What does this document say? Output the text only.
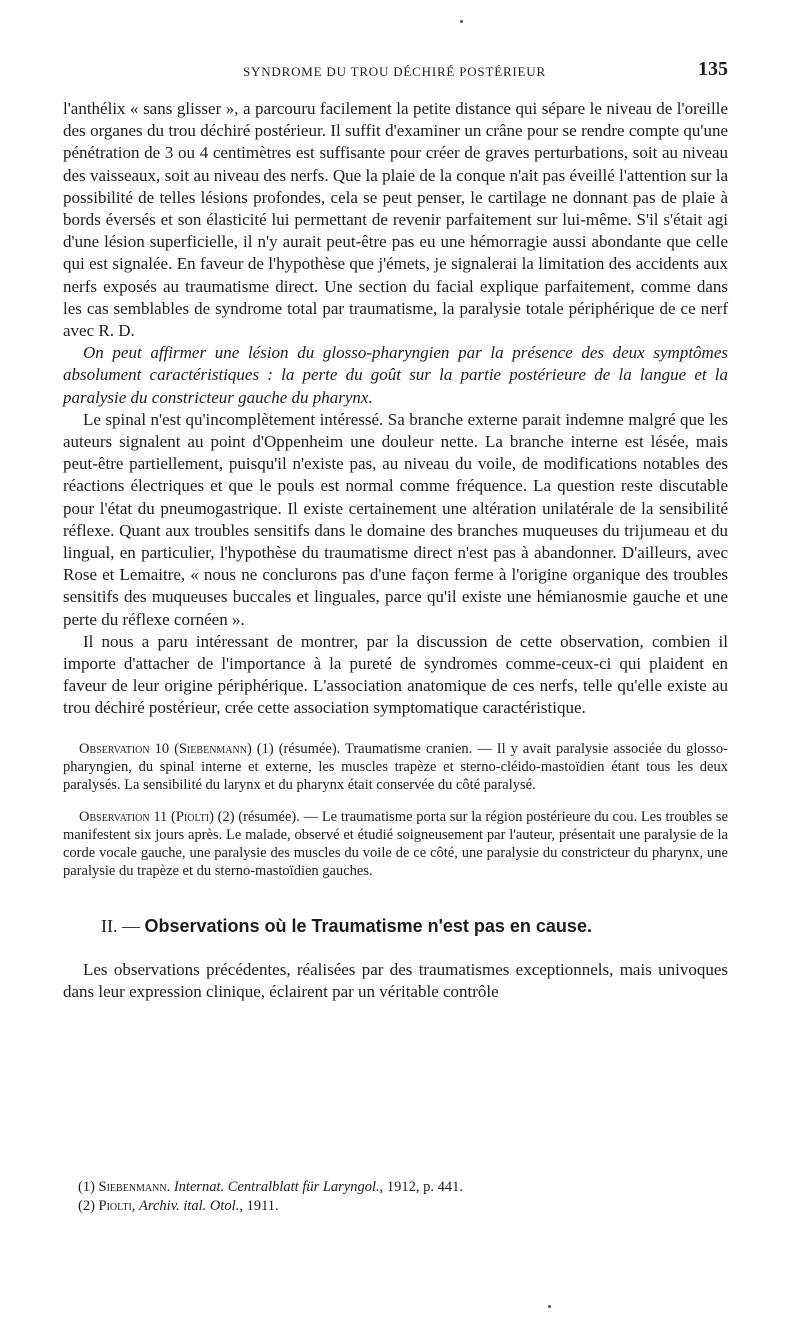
SYNDROME DU TROU DÉCHIRÉ POSTÉRIEUR	135

l'anthélix « sans glisser », a parcouru facilement la petite distance qui sépare le niveau de l'oreille des organes du trou déchiré postérieur. Il suffit d'examiner un crâne pour se rendre compte qu'une pénétration de 3 ou 4 centimètres est suffisante pour créer de graves perturbations, soit au niveau des vaisseaux, soit au niveau des nerfs. Que la plaie de la conque n'ait pas éveillé l'attention sur la possibilité de telles lésions profondes, cela se peut penser, le cartilage ne donnant pas de plaie à bords éversés et son élasticité lui permettant de revenir parfaitement sur lui-même. S'il s'était agi d'une lésion superficielle, il n'y aurait peut-être pas eu une hémorragie aussi abondante que celle qui est signalée. En faveur de l'hypothèse que j'émets, je signalerai la limitation des accidents aux nerfs exposés au traumatisme direct. Une section du facial explique parfaitement, comme dans les cas semblables de syndrome total par traumatisme, la paralysie totale périphérique de ce nerf avec R. D.

On peut affirmer une lésion du glosso-pharyngien par la présence des deux symptômes absolument caractéristiques : la perte du goût sur la partie postérieure de la langue et la paralysie du constricteur gauche du pharynx.

Le spinal n'est qu'incomplètement intéressé. Sa branche externe parait indemne malgré que les auteurs signalent au point d'Oppenheim une douleur nette. La branche interne est lésée, mais peut-être partiellement, puisqu'il n'existe pas, au niveau du voile, de modifications notables des réactions électriques et que le pouls est normal comme fréquence. La question reste discutable pour l'état du pneumogastrique. Il existe certainement une altération unilatérale de la sensibilité réflexe. Quant aux troubles sensitifs dans le domaine des branches muqueuses du trijumeau et du lingual, en particulier, l'hypothèse du traumatisme direct n'est pas à abandonner. D'ailleurs, avec Rose et Lemaitre, « nous ne conclurons pas d'une façon ferme à l'origine organique des troubles sensitifs des muqueuses buccales et linguales, parce qu'il existe une hémianosmie gauche et une perte du réflexe cornéen ».

Il nous a paru intéressant de montrer, par la discussion de cette observation, combien il importe d'attacher de l'importance à la pureté de syndromes comme-ceux-ci qui plaident en faveur de leur origine périphérique. L'association anatomique de ces nerfs, telle qu'elle existe au trou déchiré postérieur, crée cette association symptomatique caractéristique.

Observation 10 (Siebenmann) (1) (résumée). Traumatisme cranien. — Il y avait paralysie associée du glosso-pharyngien, du spinal interne et externe, les muscles trapèze et sterno-cléido-mastoïdien étant tous les deux paralysés. La sensibilité du larynx et du pharynx était conservée du côté paralysé.

Observation 11 (Piolti) (2) (résumée). — Le traumatisme porta sur la région postérieure du cou. Les troubles se manifestent six jours après. Le malade, observé et étudié soigneusement par l'auteur, présentait une paralysie de la corde vocale gauche, une paralysie des muscles du voile de ce côté, une paralysie du constricteur du pharynx, une paralysie du trapèze et du sterno-mastoïdien gauches.

II. — Observations où le Traumatisme n'est pas en cause.

Les observations précédentes, réalisées par des traumatismes exceptionnels, mais univoques dans leur expression clinique, éclairent par un véritable contrôle

(1) Siebenmann. Internat. Centralblatt für Laryngol., 1912, p. 441.

(2) Piolti, Archiv. ital. Otol., 1911.
